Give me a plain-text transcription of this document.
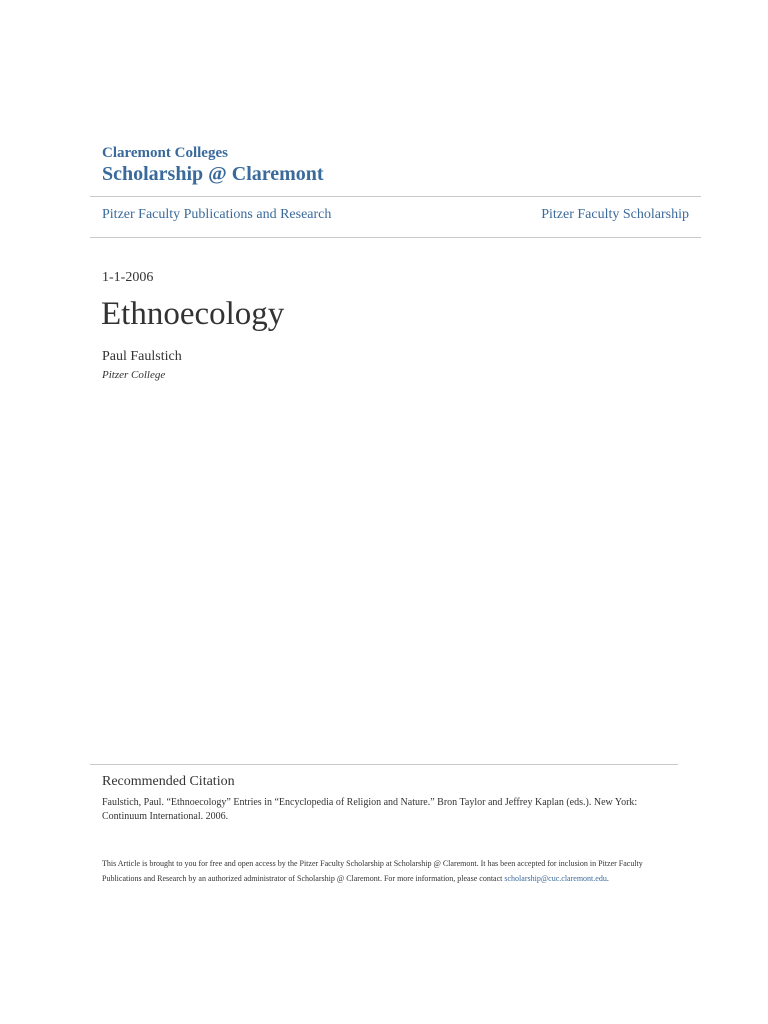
Claremont Colleges
Scholarship @ Claremont
Pitzer Faculty Publications and Research	Pitzer Faculty Scholarship
1-1-2006
Ethnoecology
Paul Faulstich
Pitzer College
Recommended Citation
Faulstich, Paul. “Ethnoecology” Entries in “Encyclopedia of Religion and Nature.” Bron Taylor and Jeffrey Kaplan (eds.). New York: Continuum International. 2006.
This Article is brought to you for free and open access by the Pitzer Faculty Scholarship at Scholarship @ Claremont. It has been accepted for inclusion in Pitzer Faculty Publications and Research by an authorized administrator of Scholarship @ Claremont. For more information, please contact scholarship@cuc.claremont.edu.
